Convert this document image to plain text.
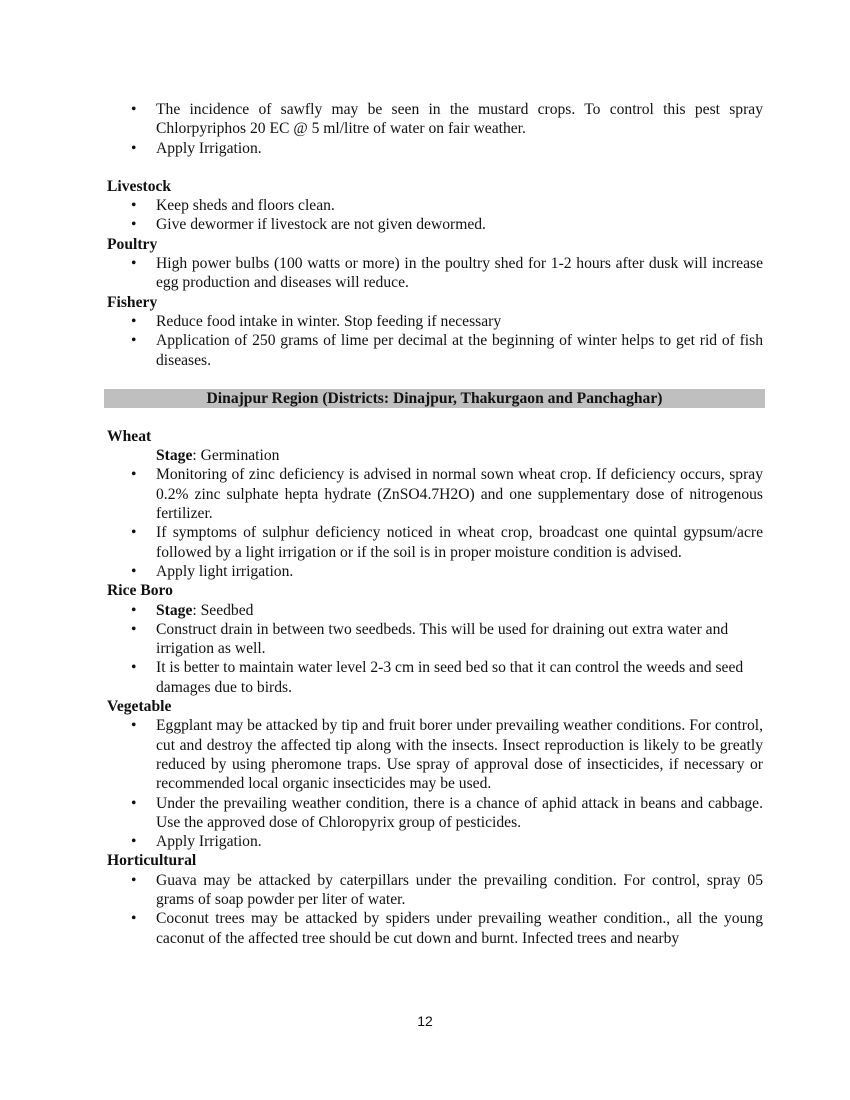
• The incidence of sawfly may be seen in the mustard crops. To control this pest spray Chlorpyriphos 20 EC @ 5 ml/litre of water on fair weather.
• Apply Irrigation.
Livestock
• Keep sheds and floors clean.
• Give dewormer if livestock are not given dewormed.
Poultry
• High power bulbs (100 watts or more) in the poultry shed for 1-2 hours after dusk will increase egg production and diseases will reduce.
Fishery
• Reduce food intake in winter. Stop feeding if necessary
• Application of 250 grams of lime per decimal at the beginning of winter helps to get rid of fish diseases.
Dinajpur Region (Districts: Dinajpur, Thakurgaon and Panchaghar)
Wheat
Stage: Germination
• Monitoring of zinc deficiency is advised in normal sown wheat crop. If deficiency occurs, spray 0.2% zinc sulphate hepta hydrate (ZnSO4.7H2O) and one supplementary dose of nitrogenous fertilizer.
• If symptoms of sulphur deficiency noticed in wheat crop, broadcast one quintal gypsum/acre followed by a light irrigation or if the soil is in proper moisture condition is advised.
• Apply light irrigation.
Rice Boro
• Stage: Seedbed
• Construct drain in between two seedbeds. This will be used for draining out extra water and irrigation as well.
• It is better to maintain water level 2-3 cm in seed bed so that it can control the weeds and seed damages due to birds.
Vegetable
• Eggplant may be attacked by tip and fruit borer under prevailing weather conditions. For control, cut and destroy the affected tip along with the insects. Insect reproduction is likely to be greatly reduced by using pheromone traps. Use spray of approval dose of insecticides, if necessary or recommended local organic insecticides may be used.
• Under the prevailing weather condition, there is a chance of aphid attack in beans and cabbage. Use the approved dose of Chloropyrix group of pesticides.
• Apply Irrigation.
Horticultural
• Guava may be attacked by caterpillars under the prevailing condition. For control, spray 05 grams of soap powder per liter of water.
• Coconut trees may be attacked by spiders under prevailing weather condition., all the young caconut of the affected tree should be cut down and burnt. Infected trees and nearby
12
